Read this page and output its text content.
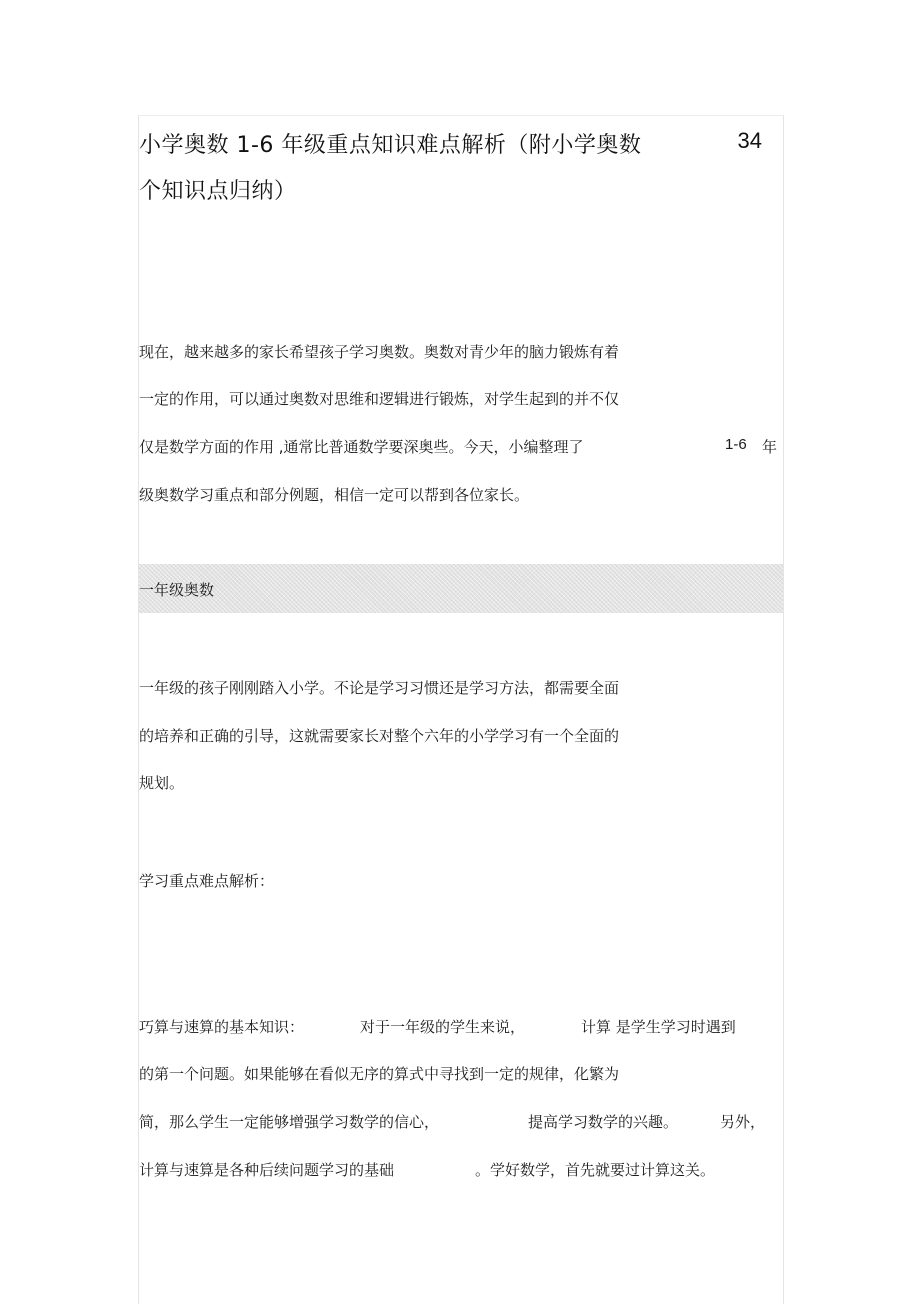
小学奥数 1-6 年级重点知识难点解析（附小学奥数	34
个知识点归纳）
现在，越来越多的家长希望孩子学习奥数。奥数对青少年的脑力锻炼有着
一定的作用，可以通过奥数对思维和逻辑进行锻炼，对学生起到的并不仅
仅是数学方面的作用 ,通常比普通数学要深奥些。今天，小编整理了	1-6 年
级奥数学习重点和部分例题，相信一定可以帮到各位家长。
一年级奥数
一年级的孩子刚刚踏入小学。不论是学习习惯还是学习方法，都需要全面
的培养和正确的引导，这就需要家长对整个六年的小学学习有一个全面的
规划。
学习重点难点解析：
巧算与速算的基本知识：	对于一年级的学生来说，	计算 是学生学习时遇到
的第一个问题。如果能够在看似无序的算式中寻找到一定的规律，化繁为
简，那么学生一定能够增强学习数学的信心，	提高学习数学的兴趣。	另外，
计算与速算是各种后续问题学习的基础	。学好数学，首先就要过计算这关。
